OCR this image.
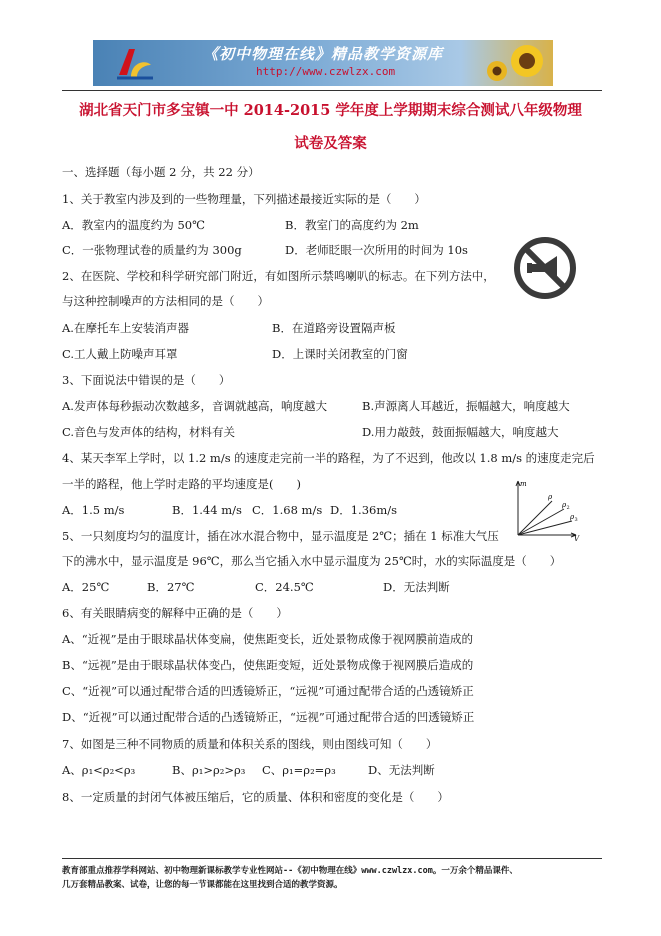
《初中物理在线》精品教学资源库
http://www.czwlzx.com
湖北省天门市多宝镇一中 2014-2015 学年度上学期期末综合测试八年级物理
试卷及答案
一、选择题（每小题 2 分，共 22 分）
1、关于教室内涉及到的一些物理量，下列描述最接近实际的是（　　）
A．教室内的温度约为 50℃	B．教室门的高度约为 2m
C．一张物理试卷的质量约为 300g	D．老师眨眼一次所用的时间为 10s
2、在医院、学校和科学研究部门附近，有如图所示禁鸣喇叭的标志。在下列方法中，
与这种控制噪声的方法相同的是（　　）
A.在摩托车上安装消声器	B．在道路旁设置隔声板
C.工人戴上防噪声耳罩	D．上课时关闭教室的门窗
3、下面说法中错误的是（　　）
A.发声体每秒振动次数越多，音调就越高，响度越大	B.声源离人耳越近，振幅越大，响度越大
C.音色与发声体的结构，材料有关	D.用力敲鼓，鼓面振幅越大，响度越大
4、某天李军上学时，以 1.2 m/s 的速度走完前一半的路程，为了不迟到，他改以 1.8 m/s 的速度走完后
一半的路程，他上学时走路的平均速度是(　　)
A．1.5 m/s	B．1.44 m/s C．1.68 m/s D．1.36m/s
5、一只刻度均匀的温度计，插在冰水混合物中，显示温度是 2℃；插在 1 标准大气压
下的沸水中，显示温度是 96℃，那么当它插入水中显示温度为 25℃时，水的实际温度是（　　）
A．25℃	B．27℃	C．24.5℃	D．无法判断
6、有关眼睛病变的解释中正确的是（　　）
A、“近视”是由于眼球晶状体变扁，使焦距变长，近处景物成像于视网膜前造成的
B、“远视”是由于眼球晶状体变凸，使焦距变短，近处景物成像于视网膜后造成的
C、“近视”可以通过配带合适的凹透镜矫正，“远视”可通过配带合适的凸透镜矫正
D、“近视”可以通过配带合适的凸透镜矫正，“远视”可通过配带合适的凹透镜矫正
7、如图是三种不同物质的质量和体积关系的图线，则由图线可知（　　）
A、ρ₁<ρ₂<ρ₃	B、ρ₁>ρ₂>ρ₃ C、ρ₁=ρ₂=ρ₃	D、无法判断
8、一定质量的封闭气体被压缩后，它的质量、体积和密度的变化是（　　）
m
V
ρ
ρ 2
ρ 3
教育部重点推荐学科网站、初中物理新课标教学专业性网站--《初中物理在线》www.czwlzx.com。一万余个精品课件、
几万套精品教案、试卷，让您的每一节课都能在这里找到合适的教学资源。
